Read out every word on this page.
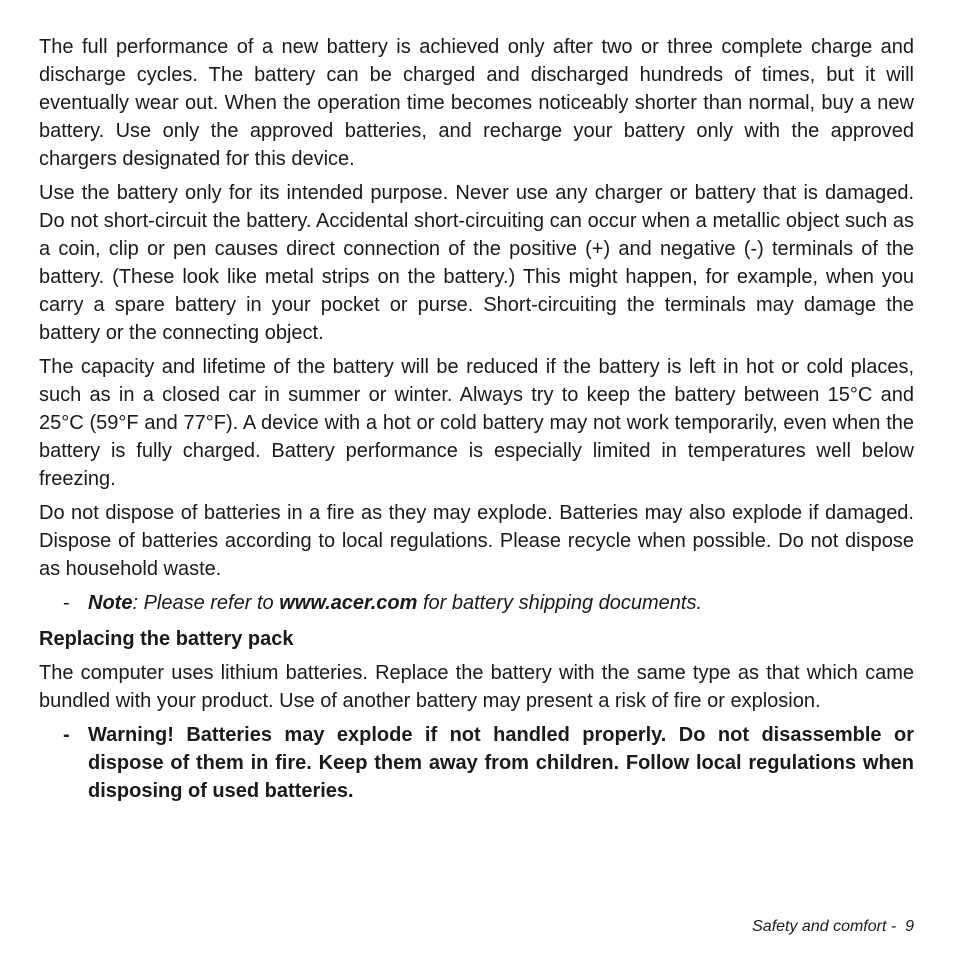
The full performance of a new battery is achieved only after two or three complete charge and discharge cycles. The battery can be charged and discharged hundreds of times, but it will eventually wear out. When the operation time becomes noticeably shorter than normal, buy a new battery. Use only the approved batteries, and recharge your battery only with the approved chargers designated for this device.

Use the battery only for its intended purpose. Never use any charger or battery that is damaged. Do not short-circuit the battery. Accidental short-circuiting can occur when a metallic object such as a coin, clip or pen causes direct connection of the positive (+) and negative (-) terminals of the battery. (These look like metal strips on the battery.) This might happen, for example, when you carry a spare battery in your pocket or purse. Short-circuiting the terminals may damage the battery or the connecting object.

The capacity and lifetime of the battery will be reduced if the battery is left in hot or cold places, such as in a closed car in summer or winter. Always try to keep the battery between 15°C and 25°C (59°F and 77°F). A device with a hot or cold battery may not work temporarily, even when the battery is fully charged. Battery performance is especially limited in temperatures well below freezing.

Do not dispose of batteries in a fire as they may explode. Batteries may also explode if damaged. Dispose of batteries according to local regulations. Please recycle when possible. Do not dispose as household waste.

- Note: Please refer to www.acer.com for battery shipping documents.
Replacing the battery pack

The computer uses lithium batteries. Replace the battery with the same type as that which came bundled with your product. Use of another battery may present a risk of fire or explosion.

- Warning! Batteries may explode if not handled properly. Do not disassemble or dispose of them in fire. Keep them away from children. Follow local regulations when disposing of used batteries.
Safety and comfort -  9
